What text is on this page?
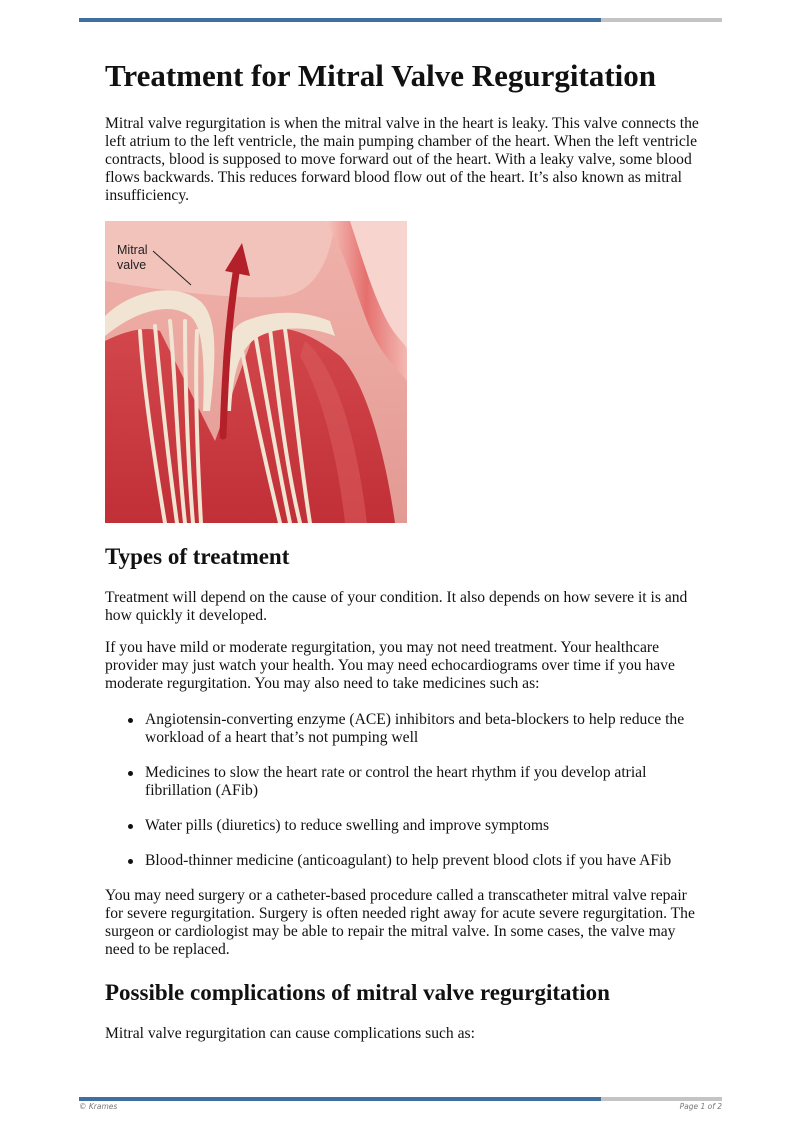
Treatment for Mitral Valve Regurgitation

Mitral valve regurgitation is when the mitral valve in the heart is leaky. This valve connects the left atrium to the left ventricle, the main pumping chamber of the heart. When the left ventricle contracts, blood is supposed to move forward out of the heart. With a leaky valve, some blood flows backwards. This reduces forward blood flow out of the heart. It’s also known as mitral insufficiency.

Mitral
valve
Types of treatment

Treatment will depend on the cause of your condition. It also depends on how severe it is and how quickly it developed.

If you have mild or moderate regurgitation, you may not need treatment. Your healthcare provider may just watch your health. You may need echocardiograms over time if you have moderate regurgitation. You may also need to take medicines such as:

Angiotensin-converting enzyme (ACE) inhibitors and beta-blockers to help reduce the workload of a heart that’s not pumping well
Medicines to slow the heart rate or control the heart rhythm if you develop atrial fibrillation (AFib)
Water pills (diuretics) to reduce swelling and improve symptoms
Blood-thinner medicine (anticoagulant) to help prevent blood clots if you have AFib

You may need surgery or a catheter-based procedure called a transcatheter mitral valve repair for severe regurgitation. Surgery is often needed right away for acute severe regurgitation. The surgeon or cardiologist may be able to repair the mitral valve. In some cases, the valve may need to be replaced.

Possible complications of mitral valve regurgitation

Mitral valve regurgitation can cause complications such as:

© Krames	Page 1 of 2
